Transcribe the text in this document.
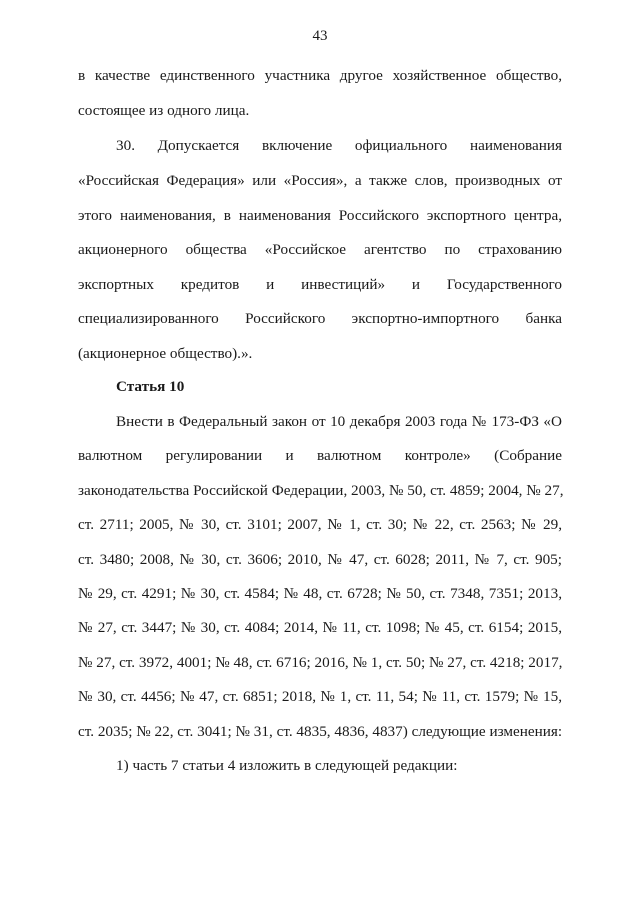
43
в качестве единственного участника другое хозяйственное общество,
состоящее из одного лица.
30. Допускается включение официального наименования
«Российская Федерация» или «Россия», а также слов, производных от
этого наименования, в наименования Российского экспортного центра,
акционерного общества «Российское агентство по страхованию
экспортных кредитов и инвестиций» и Государственного
специализированного Российского экспортно-импортного банка
(акционерное общество).».
Статья 10
Внести в Федеральный закон от 10 декабря 2003 года № 173-ФЗ «О
валютном регулировании и валютном контроле» (Собрание
законодательства Российской Федерации, 2003, № 50, ст. 4859; 2004, № 27,
ст. 2711; 2005, № 30, ст. 3101; 2007, № 1, ст. 30; № 22, ст. 2563; № 29,
ст. 3480; 2008, № 30, ст. 3606; 2010, № 47, ст. 6028; 2011, № 7, ст. 905;
№ 29, ст. 4291; № 30, ст. 4584; № 48, ст. 6728; № 50, ст. 7348, 7351; 2013,
№ 27, ст. 3447; № 30, ст. 4084; 2014, № 11, ст. 1098; № 45, ст. 6154; 2015,
№ 27, ст. 3972, 4001; № 48, ст. 6716; 2016, № 1, ст. 50; № 27, ст. 4218; 2017,
№ 30, ст. 4456; № 47, ст. 6851; 2018, № 1, ст. 11, 54; № 11, ст. 1579; № 15,
ст. 2035; № 22, ст. 3041; № 31, ст. 4835, 4836, 4837) следующие изменения:
1) часть 7 статьи 4 изложить в следующей редакции:
